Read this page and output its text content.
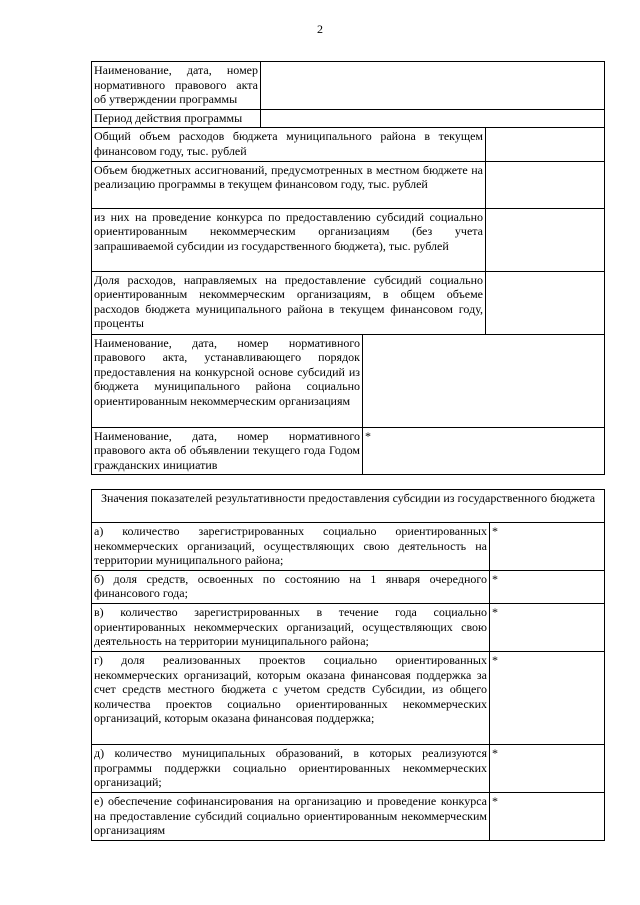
2
Наименование, дата, номер нормативного правового акта об утверждении программы			
Период действия программы			
Общий объем расходов бюджета муниципального района в текущем финансовом году, тыс. рублей			
Объем бюджетных ассигнований, предусмотренных в местном бюджете на реализацию программы в текущем финансовом году, тыс. рублей			
из них на проведение конкурса по предоставлению субсидий социально ориентированным некоммерческим организациям (без учета запрашиваемой субсидии из государственного бюджета), тыс. рублей			
Доля расходов, направляемых на предоставление субсидий социально ориентированным некоммерческим организациям, в общем объеме расходов бюджета муниципального района в текущем финансовом году, проценты			
Наименование, дата, номер нормативного правового акта, устанавливающего порядок предоставления на конкурсной основе субсидий из бюджета муниципального района социально ориентированным некоммерческим организациям			
Наименование, дата, номер нормативного правового акта об объявлении текущего года Годом гражданских инициатив		*	
Значения показателей результативности предоставления субсидии из государственного бюджета	
а) количество зарегистрированных социально ориентированных некоммерческих организаций, осуществляющих свою деятельность на территории муниципального района;	*
б) доля средств, освоенных по состоянию на 1 января очередного финансового года;	*
в) количество зарегистрированных в течение года социально ориентированных некоммерческих организаций, осуществляющих свою деятельность на территории муниципального района;	*
г) доля реализованных проектов социально ориентированных некоммерческих организаций, которым оказана финансовая поддержка за счет средств местного бюджета с учетом средств Субсидии, из общего количества проектов социально ориентированных некоммерческих организаций, которым оказана финансовая поддержка;	*
д) количество муниципальных образований, в которых реализуются программы поддержки социально ориентированных некоммерческих организаций;	*
е) обеспечение софинансирования на организацию и проведение конкурса на предоставление субсидий социально ориентированным некоммерческим организациям	*
